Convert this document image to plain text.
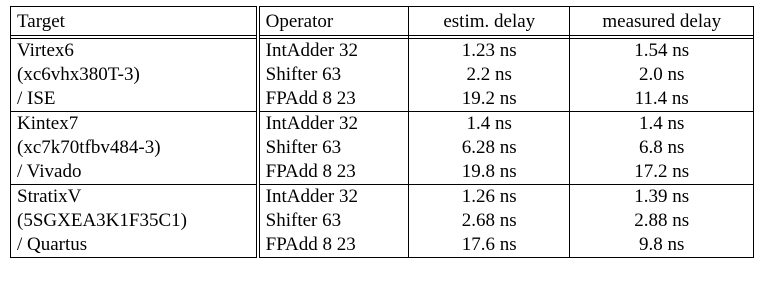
Target	Operator	estim. delay	measured delay

Virtex6	IntAdder 32	1.23 ns	1.54 ns
(xc6vhx380T-3)	Shifter 63	2.2 ns	2.0 ns
/ ISE	FPAdd 8 23	19.2 ns	11.4 ns
Kintex7	IntAdder 32	1.4 ns	1.4 ns
(xc7k70tfbv484-3)	Shifter 63	6.28 ns	6.8 ns
/ Vivado	FPAdd 8 23	19.8 ns	17.2 ns
StratixV	IntAdder 32	1.26 ns	1.39 ns
(5SGXEA3K1F35C1)	Shifter 63	2.68 ns	2.88 ns
/ Quartus	FPAdd 8 23	17.6 ns	9.8 ns
